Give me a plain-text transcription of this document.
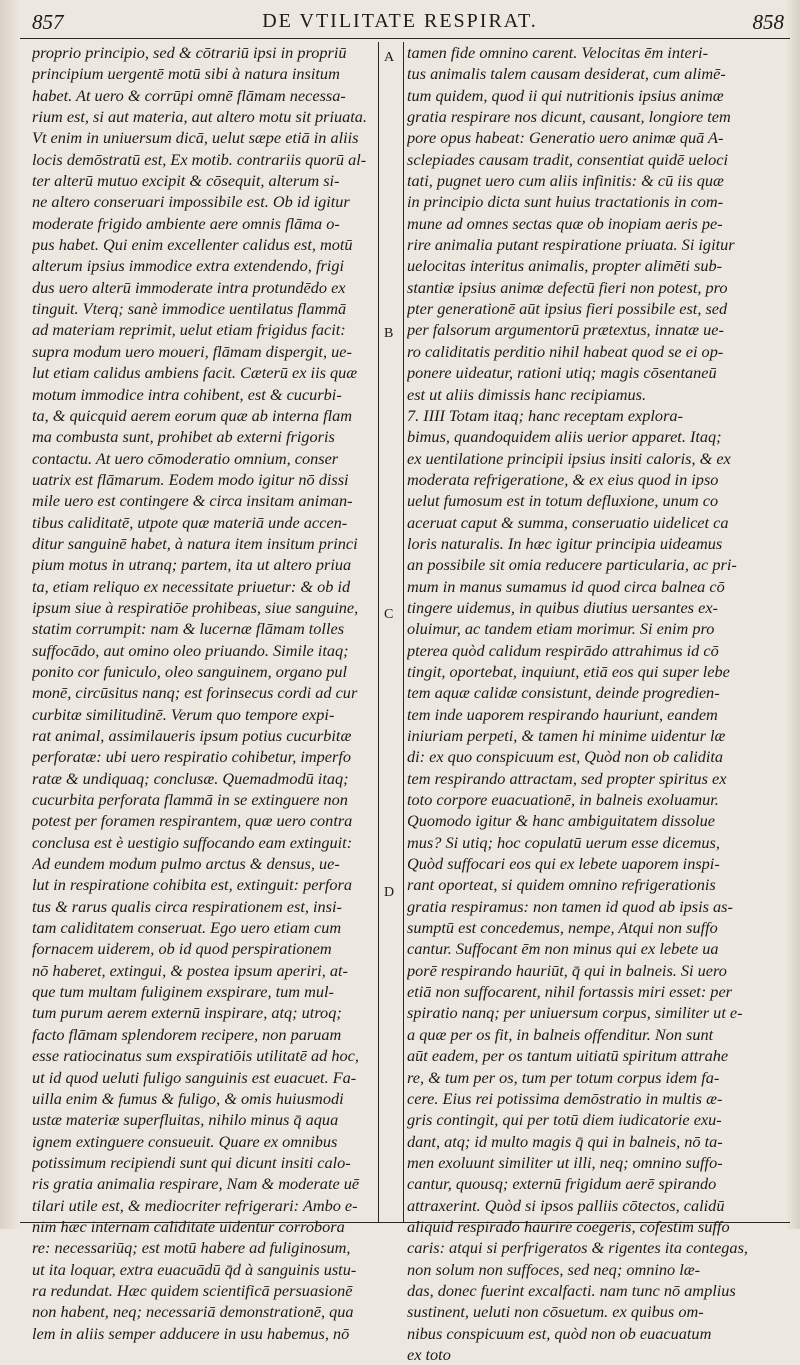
857	DE VTILITATE RESPIRAT.	858
proprio principio, sed & cōtrariū ipsi in propriū
principium uergentē motū sibi à natura insitum
habet. At uero & corrūpi omnē flāmam necessa-
rium est, si aut materia, aut altero motu sit priuata.
Vt enim in uniuersum dicā, uelut sæpe etiā in aliis
locis demōstratū est, Ex motib. contrariis quorū al-
ter alterū mutuo excipit & cōsequit, alterum si-
ne altero conseruari impossibile est. Ob id igitur
moderate frigido ambiente aere omnis flāma o-
pus habet. Qui enim excellenter calidus est, motū
alterum ipsius immodice extra extendendo, frigi
dus uero alterū immoderate intra protundēdo ex
tinguit. Vterq; sanè immodice uentilatus flammā
ad materiam reprimit, uelut etiam frigidus facit:
supra modum uero moueri, flāmam dispergit, ue-
lut etiam calidus ambiens facit. Cæterū ex iis quæ
motum immodice intra cohibent, est & cucurbi-
ta, & quicquid aerem eorum quæ ab interna flam
ma combusta sunt, prohibet ab externi frigoris
contactu. At uero cōmoderatio omnium, conser
uatrix est flāmarum. Eodem modo igitur nō dissi
mile uero est contingere & circa insitam animan-
tibus caliditatē, utpote quæ materiā unde accen-
ditur sanguinē habet, à natura item insitum princi
pium motus in utranq; partem, ita ut altero priua
ta, etiam reliquo ex necessitate priuetur: & ob id
ipsum siue à respiratiōe prohibeas, siue sanguine,
statim corrumpit: nam & lucernæ flāmam tolles
suffocādo, aut omino oleo priuando. Simile itaq;
ponito cor funiculo, oleo sanguinem, organo pul
monē, circūsitus nanq; est forinsecus cordi ad cur
curbitæ similitudinē. Verum quo tempore expi-
rat animal, assimilaueris ipsum potius cucurbitæ
perforatæ: ubi uero respiratio cohibetur, imperfo
ratæ & undiquaq; conclusæ. Quemadmodū itaq;
cucurbita perforata flammā in se extinguere non
potest per foramen respirantem, quæ uero contra
conclusa est è uestigio suffocando eam extinguit:
Ad eundem modum pulmo arctus & densus, ue-
lut in respiratione cohibita est, extinguit: perfora
tus & rarus qualis circa respirationem est, insi-
tam caliditatem conseruat. Ego uero etiam cum
fornacem uiderem, ob id quod perspirationem
nō haberet, extingui, & postea ipsum aperiri, at-
que tum multam fuliginem exspirare, tum mul-
tum purum aerem externū inspirare, atq; utroq;
facto flāmam splendorem recipere, non paruam
esse ratiocinatus sum exspiratiōis utilitatē ad hoc,
ut id quod ueluti fuligo sanguinis est euacuet. Fa-
uilla enim & fumus & fuligo, & omis huiusmodi
ustæ materiæ superfluitas, nihilo minus q̄ aqua
ignem extinguere consueuit. Quare ex omnibus
potissimum recipiendi sunt qui dicunt insiti calo-
ris gratia animalia respirare, Nam & moderate uē
tilari utile est, & mediocriter refrigerari: Ambo e-
nim hæc internam caliditatē uidentur corrobora
re: necessariūq; est motū habere ad fuliginosum,
ut ita loquar, extra euacuādū q̄d à sanguinis ustu-
ra redundat. Hæc quidem scientificā persuasionē
non habent, neq; necessariā demonstrationē, qua
lem in aliis semper adducere in usu habemus, nō
A
B
C
D
tamen fide omnino carent. Velocitas ēm interi-
tus animalis talem causam desiderat, cum alimē-
tum quidem, quod ii qui nutritionis ipsius animæ
gratia respirare nos dicunt, causant, longiore tem
pore opus habeat: Generatio uero animæ quā A-
sclepiades causam tradit, consentiat quidē ueloci
tati, pugnet uero cum aliis infinitis: & cū iis quæ
in principio dicta sunt huius tractationis in com-
mune ad omnes sectas quæ ob inopiam aeris pe-
rire animalia putant respiratione priuata. Si igitur
uelocitas interitus animalis, propter alimēti sub-
stantiæ ipsius animæ defectū fieri non potest, pro
pter generationē aūt ipsius fieri possibile est, sed
per falsorum argumentorū prætextus, innatæ ue-
ro caliditatis perditio nihil habeat quod se ei op-
ponere uideatur, rationi utiq; magis cōsentaneū
est ut aliis dimissis hanc recipiamus.
7. IIII Totam itaq; hanc receptam explora-
bimus, quandoquidem aliis uerior apparet. Itaq;
ex uentilatione principii ipsius insiti caloris, & ex
moderata refrigeratione, & ex eius quod in ipso
uelut fumosum est in totum defluxione, unum co
aceruat caput & summa, conseruatio uidelicet ca
loris naturalis. In hæc igitur principia uideamus
an possibile sit omia reducere particularia, ac pri-
mum in manus sumamus id quod circa balnea cō
tingere uidemus, in quibus diutius uersantes ex-
oluimur, ac tandem etiam morimur. Si enim pro
pterea quòd calidum respirādo attrahimus id cō
tingit, oportebat, inquiunt, etiā eos qui super lebe
tem aquæ calidæ consistunt, deinde progredien-
tem inde uaporem respirando hauriunt, eandem
iniuriam perpeti, & tamen hi minime uidentur læ
di: ex quo conspicuum est, Quòd non ob calidita
tem respirando attractam, sed propter spiritus ex
toto corpore euacuationē, in balneis exoluamur.
Quomodo igitur & hanc ambiguitatem dissolue
mus? Si utiq; hoc copulatū uerum esse dicemus,
Quòd suffocari eos qui ex lebete uaporem inspi-
rant oporteat, si quidem omnino refrigerationis
gratia respiramus: non tamen id quod ab ipsis as-
sumptū est concedemus, nempe, Atqui non suffo
cantur. Suffocant ēm non minus qui ex lebete ua
porē respirando hauriūt, q̄ qui in balneis. Si uero
etiā non suffocarent, nihil fortassis miri esset: per
spiratio nanq; per uniuersum corpus, similiter ut e-
a quæ per os fit, in balneis offenditur. Non sunt
aūt eadem, per os tantum uitiatū spiritum attrahe
re, & tum per os, tum per totum corpus idem fa-
cere. Eius rei potissima demōstratio in multis æ-
gris contingit, qui per totū diem iudicatorie exu-
dant, atq; id multo magis q̄ qui in balneis, nō ta-
men exoluunt similiter ut illi, neq; omnino suffo-
cantur, quousq; externū frigidum aerē spirando
attraxerint. Quòd si ipsos palliis cōtectos, calidū
aliquid respirādo haurire coegeris, cōfestim suffo
caris: atqui si perfrigeratos & rigentes ita contegas,
non solum non suffoces, sed neq; omnino læ-
das, donec fuerint excalfacti. nam tunc nō amplius
sustinent, ueluti non cōsuetum. ex quibus om-
nibus conspicuum est, quòd non ob euacuatum
ex toto
